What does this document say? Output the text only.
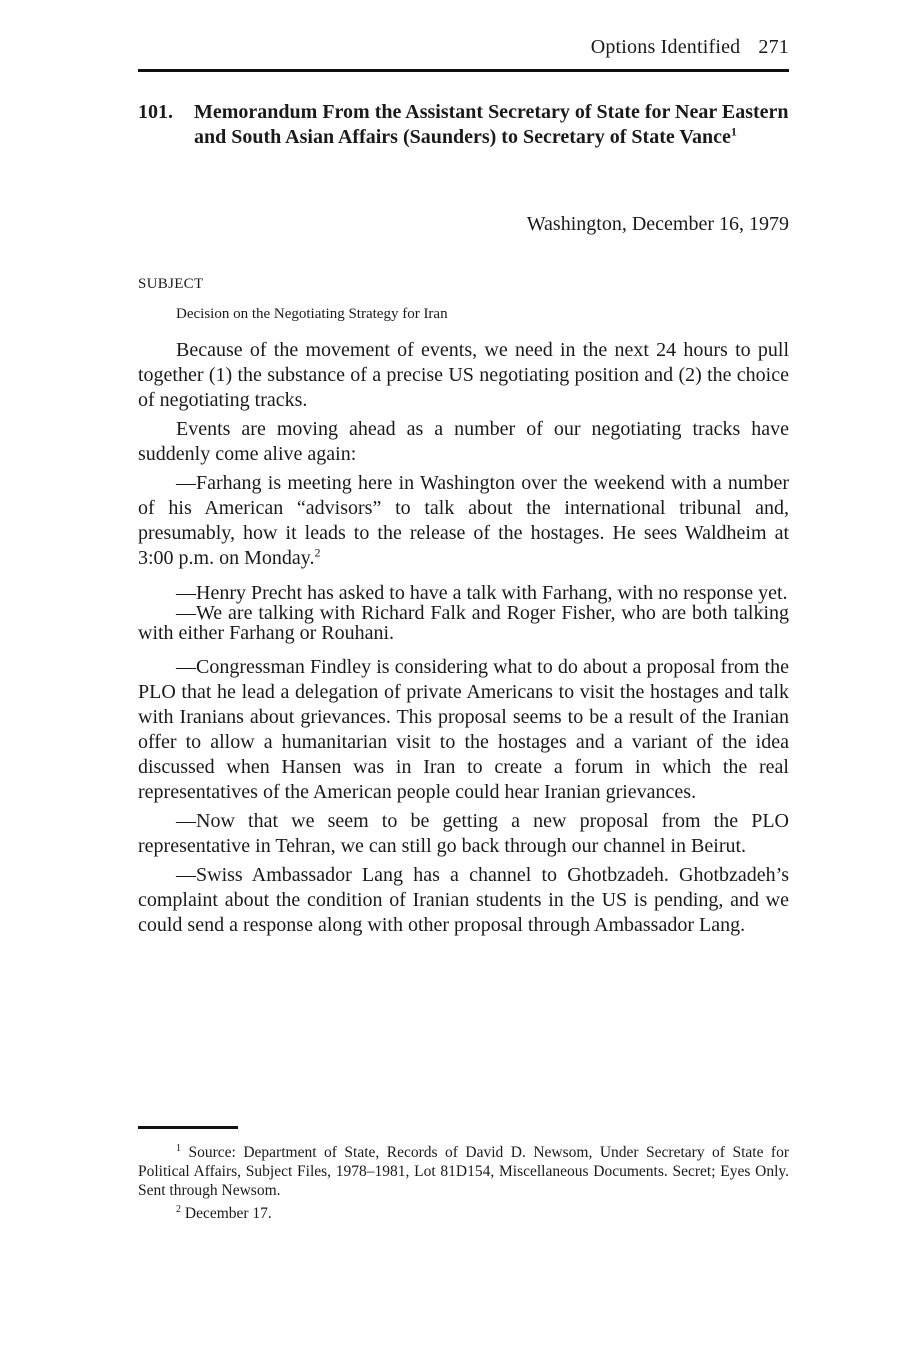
Options Identified 271
101. Memorandum From the Assistant Secretary of State for Near Eastern and South Asian Affairs (Saunders) to Secretary of State Vance$^1$
Washington, December 16, 1979
SUBJECT
Decision on the Negotiating Strategy for Iran

Because of the movement of events, we need in the next 24 hours to pull together (1) the substance of a precise US negotiating position and (2) the choice of negotiating tracks.

Events are moving ahead as a number of our negotiating tracks have suddenly come alive again:

—Farhang is meeting here in Washington over the weekend with a number of his American “advisors” to talk about the international tribunal and, presumably, how it leads to the release of the hostages. He sees Waldheim at 3:00 p.m. on Monday.$^2$

—Henry Precht has asked to have a talk with Farhang, with no response yet.

—We are talking with Richard Falk and Roger Fisher, who are both talking with either Farhang or Rouhani.

—Congressman Findley is considering what to do about a proposal from the PLO that he lead a delegation of private Americans to visit the hostages and talk with Iranians about grievances. This proposal seems to be a result of the Iranian offer to allow a humanitarian visit to the hostages and a variant of the idea discussed when Hansen was in Iran to create a forum in which the real representatives of the American people could hear Iranian grievances.

—Now that we seem to be getting a new proposal from the PLO representative in Tehran, we can still go back through our channel in Beirut.

—Swiss Ambassador Lang has a channel to Ghotbzadeh. Ghotbzadeh’s complaint about the condition of Iranian students in the US is pending, and we could send a response along with other proposal through Ambassador Lang.

$^1$ Source: Department of State, Records of David D. Newsom, Under Secretary of State for Political Affairs, Subject Files, 1978–1981, Lot 81D154, Miscellaneous Documents. Secret; Eyes Only. Sent through Newsom.

$^2$ December 17.
